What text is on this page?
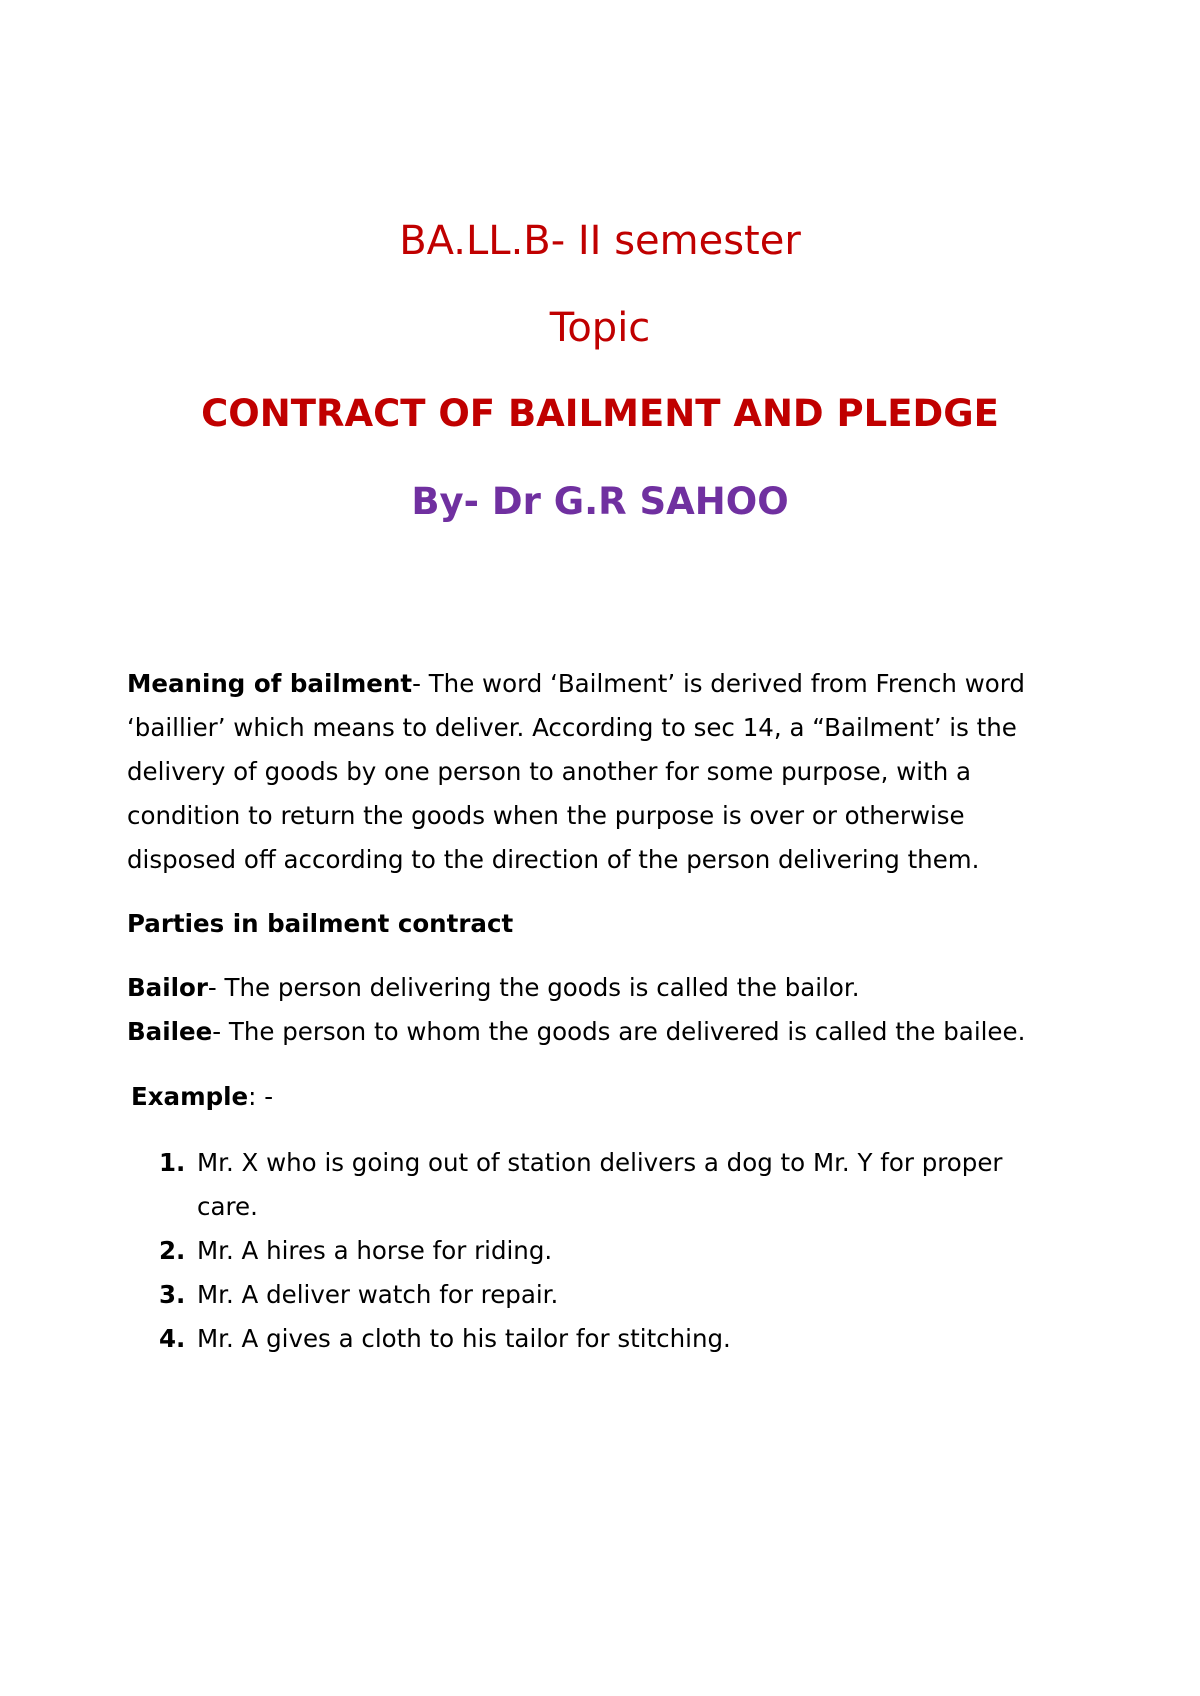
BA.LL.B- II semester
Topic
CONTRACT OF BAILMENT AND PLEDGE
By- Dr G.R SAHOO
Meaning of bailment- The word ‘Bailment’ is derived from French word
‘baillier’ which means to deliver. According to sec 14, a “Bailment’ is the
delivery of goods by one person to another for some purpose, with a
condition to return the goods when the purpose is over or otherwise
disposed off according to the direction of the person delivering them.
Parties in bailment contract
Bailor- The person delivering the goods is called the bailor.
Bailee- The person to whom the goods are delivered is called the bailee.
Example: -
1. Mr. X who is going out of station delivers a dog to Mr. Y for proper
care.
2. Mr. A hires a horse for riding.
3. Mr. A deliver watch for repair.
4. Mr. A gives a cloth to his tailor for stitching.
